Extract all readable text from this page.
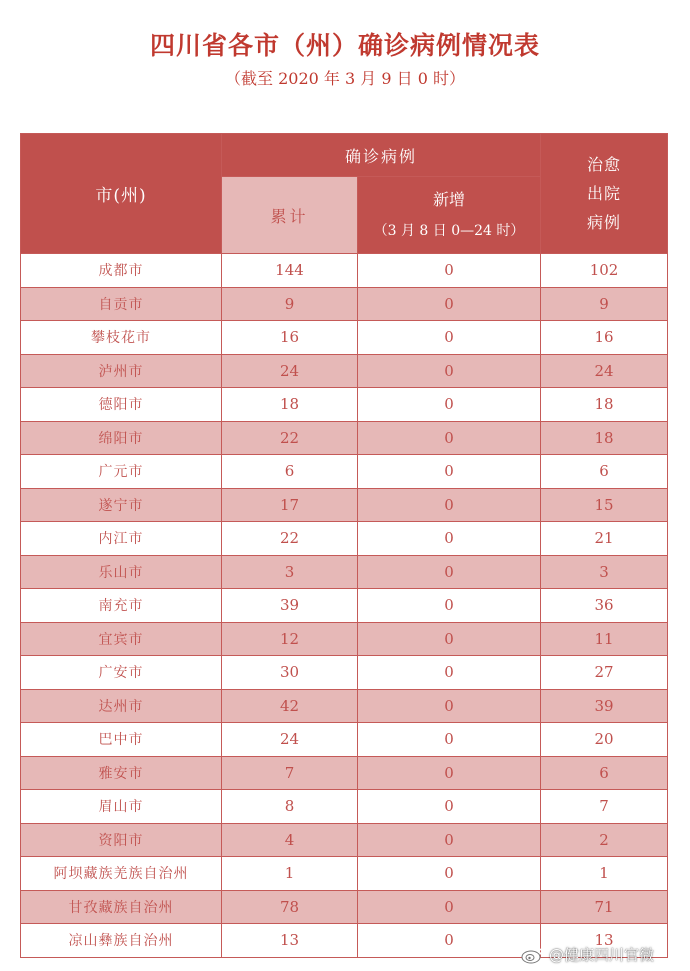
四川省各市（州）确诊病例情况表
（截至 2020 年 3 月 9 日 0 时）
市(州)	确诊病例		治愈
出院
病例
	累计	新增
（3 月 8 日 0—24 时）	
成都市	144	0	102
自贡市	9	0	9
攀枝花市	16	0	16
泸州市	24	0	24
德阳市	18	0	18
绵阳市	22	0	18
广元市	6	0	6
遂宁市	17	0	15
内江市	22	0	21
乐山市	3	0	3
南充市	39	0	36
宜宾市	12	0	11
广安市	30	0	27
达州市	42	0	39
巴中市	24	0	20
雅安市	7	0	6
眉山市	8	0	7
资阳市	4	0	2
阿坝藏族羌族自治州	1	0	1
甘孜藏族自治州	78	0	71
凉山彝族自治州	13	0	13
@健康四川官微
